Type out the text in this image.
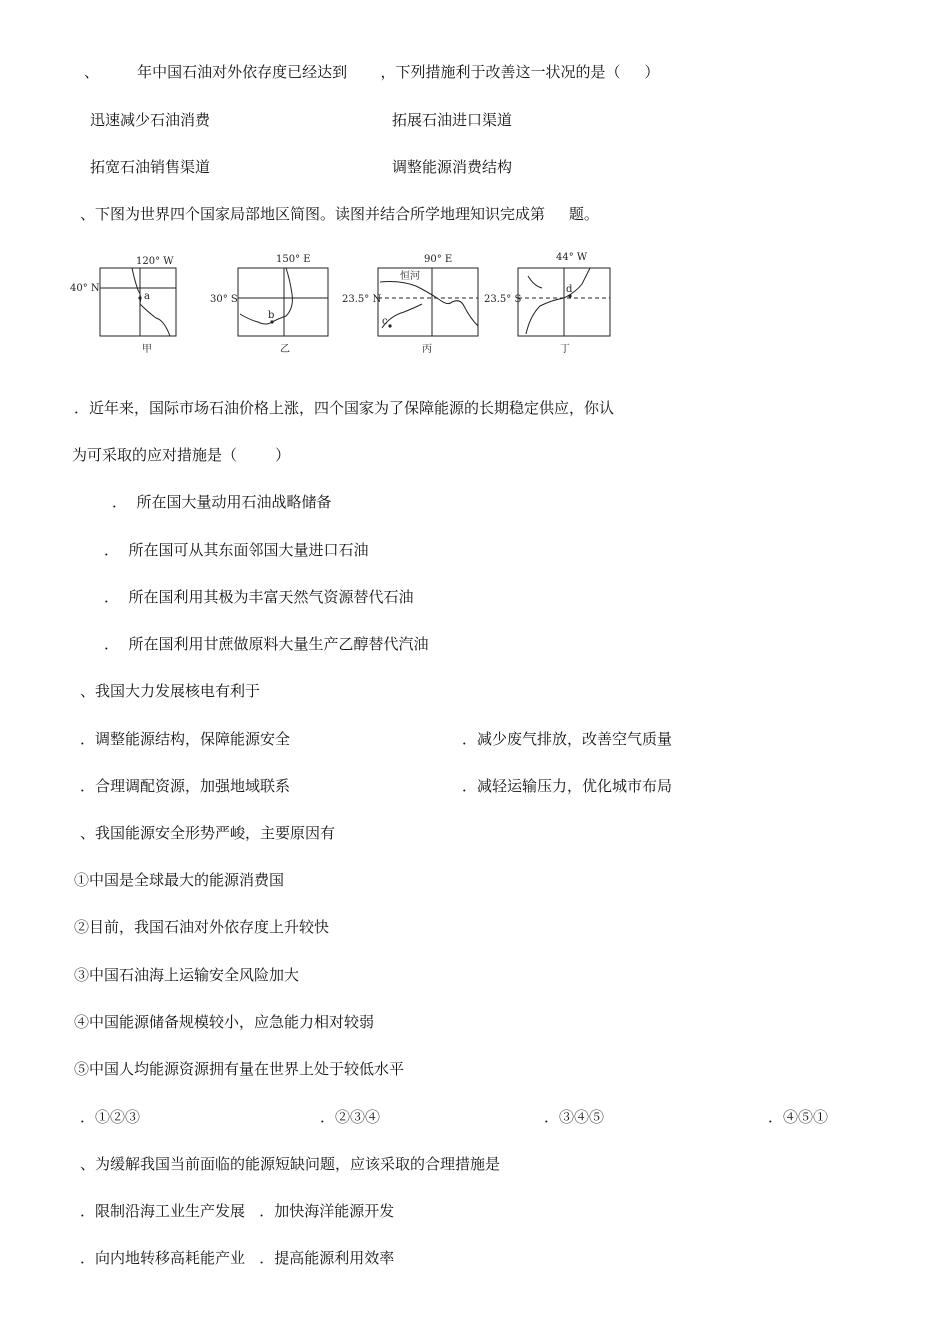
、        年中国石油对外依存度已经达到       ，下列措施利于改善这一状况的是（     ）
迅速减少石油消费	拓展石油进口渠道
拓宽石油销售渠道	调整能源消费结构
、下图为世界四个国家局部地区简图。读图并结合所学地理知识完成第     题。
120° W
40° N
a
甲
150° E
30° S
b
乙
90° E
23.5° N
恒河
c
丙
44° W
23.5° S
d
丁
．近年来，国际市场石油价格上涨，四个国家为了保障能源的长期稳定供应，你认
为可采取的应对措施是（        ）
．  所在国大量动用石油战略储备
．  所在国可从其东面邻国大量进口石油
．  所在国利用其极为丰富天然气资源替代石油
．  所在国利用甘蔗做原料大量生产乙醇替代汽油
、我国大力发展核电有利于
．调整能源结构，保障能源安全	．减少废气排放，改善空气质量
．合理调配资源，加强地域联系	．减轻运输压力，优化城市布局
、我国能源安全形势严峻，主要原因有
①中国是全球最大的能源消费国
②目前，我国石油对外依存度上升较快
③中国石油海上运输安全风险加大
④中国能源储备规模较小，应急能力相对较弱
⑤中国人均能源资源拥有量在世界上处于较低水平
．①②③	．②③④	．③④⑤	．④⑤①
、为缓解我国当前面临的能源短缺问题，应该采取的合理措施是
．限制沿海工业生产发展   ．加快海洋能源开发
．向内地转移高耗能产业   ．提高能源利用效率
